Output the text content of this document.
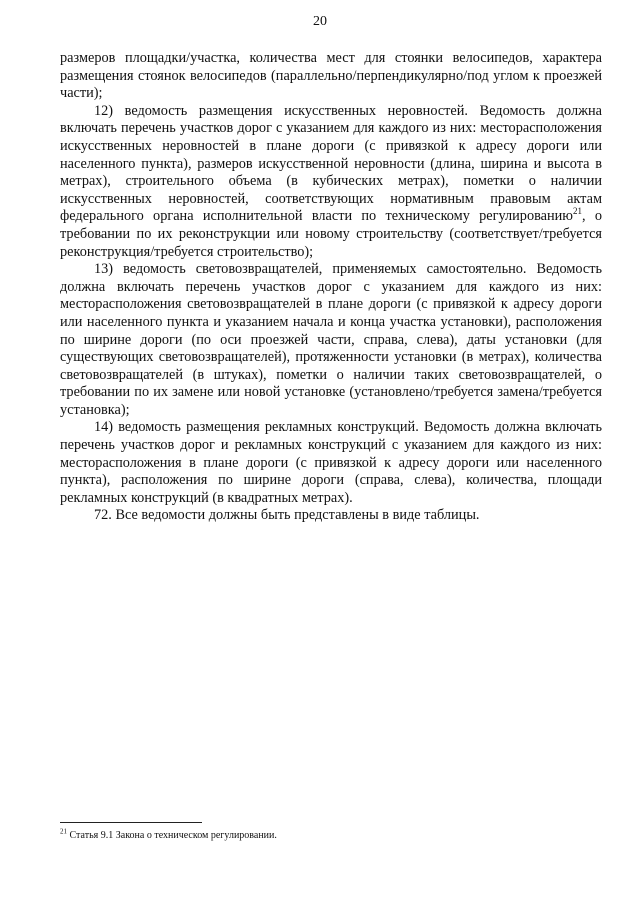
20

размеров площадки/участка, количества мест для стоянки велосипедов, характера размещения стоянок велосипедов (параллельно/перпендикулярно/под углом к проезжей части);

12) ведомость размещения искусственных неровностей. Ведомость должна включать перечень участков дорог с указанием для каждого из них: месторасположения искусственных неровностей в плане дороги (с привязкой к адресу дороги или населенного пункта), размеров искусственной неровности (длина, ширина и высота в метрах), строительного объема (в кубических метрах), пометки о наличии искусственных неровностей, соответствующих нормативным правовым актам федерального органа исполнительной власти по техническому регулированию$^{21}$, о требовании по их реконструкции или новому строительству (соответствует/требуется реконструкция/требуется строительство);

13) ведомость световозвращателей, применяемых самостоятельно. Ведомость должна включать перечень участков дорог с указанием для каждого из них: месторасположения световозвращателей в плане дороги (с привязкой к адресу дороги или населенного пункта и указанием начала и конца участка установки), расположения по ширине дороги (по оси проезжей части, справа, слева), даты установки (для существующих световозвращателей), протяженности установки (в метрах), количества световозвращателей (в штуках), пометки о наличии таких световозвращателей, о требовании по их замене или новой установке (установлено/требуется замена/требуется установка);

14) ведомость размещения рекламных конструкций. Ведомость должна включать перечень участков дорог и рекламных конструкций с указанием для каждого из них: месторасположения в плане дороги (с привязкой к адресу дороги или населенного пункта), расположения по ширине дороги (справа, слева), количества, площади рекламных конструкций (в квадратных метрах).

72. Все ведомости должны быть представлены в виде таблицы.

$^{21}$ Статья 9.1 Закона о техническом регулировании.
